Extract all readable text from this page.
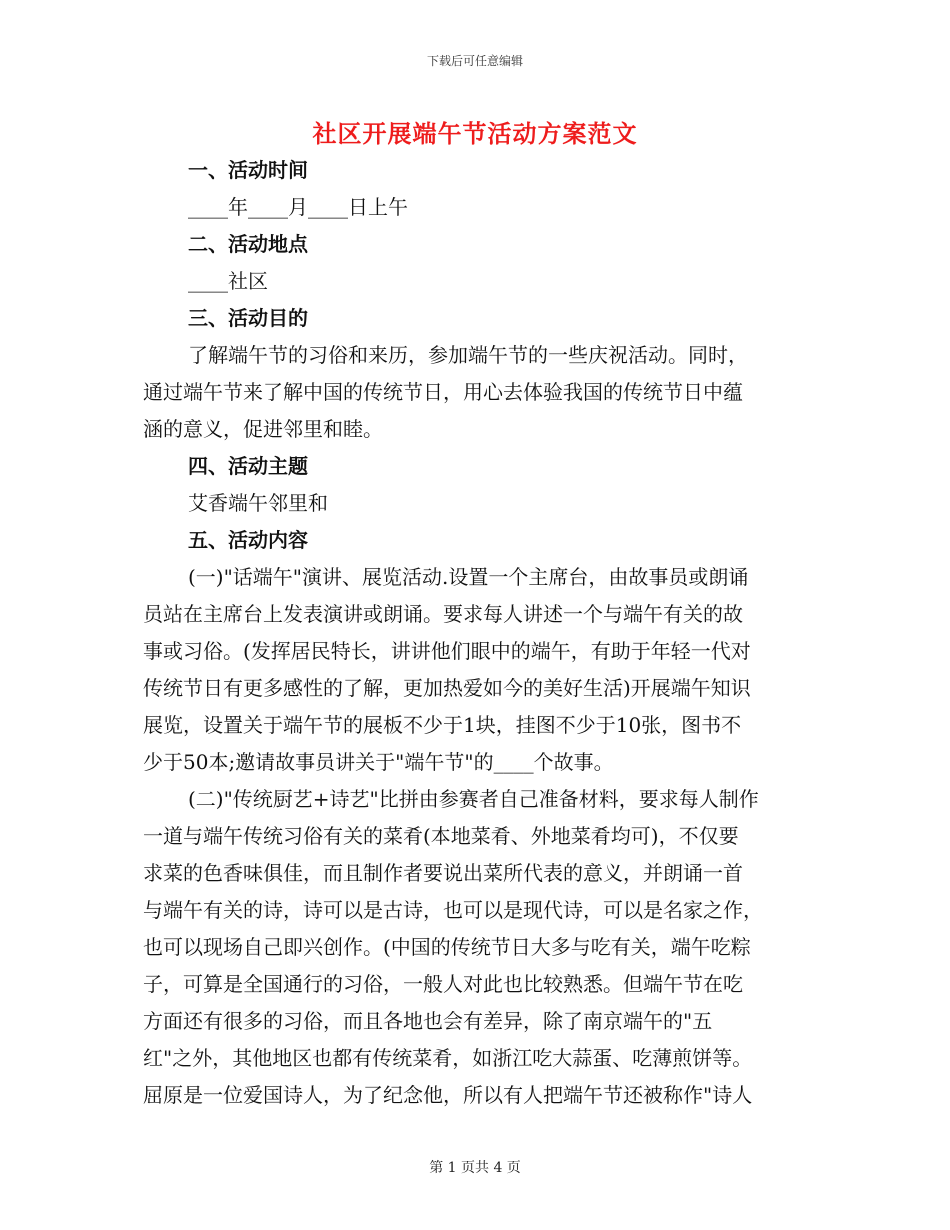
下载后可任意编辑
社区开展端午节活动方案范文
一、活动时间
____年____月____日上午
二、活动地点
____社区
三、活动目的
了解端午节的习俗和来历，参加端午节的一些庆祝活动。同时，
通过端午节来了解中国的传统节日，用心去体验我国的传统节日中蕴
涵的意义，促进邻里和睦。
四、活动主题
艾香端午邻里和
五、活动内容
(一)"话端午"演讲、展览活动.设置一个主席台，由故事员或朗诵
员站在主席台上发表演讲或朗诵。要求每人讲述一个与端午有关的故
事或习俗。(发挥居民特长，讲讲他们眼中的端午，有助于年轻一代对
传统节日有更多感性的了解，更加热爱如今的美好生活)开展端午知识
展览，设置关于端午节的展板不少于1块，挂图不少于10张，图书不
少于50本;邀请故事员讲关于"端午节"的____个故事。
(二)"传统厨艺+诗艺"比拼由参赛者自己准备材料，要求每人制作
一道与端午传统习俗有关的菜肴(本地菜肴、外地菜肴均可)，不仅要
求菜的色香味俱佳，而且制作者要说出菜所代表的意义，并朗诵一首
与端午有关的诗，诗可以是古诗，也可以是现代诗，可以是名家之作，
也可以现场自己即兴创作。(中国的传统节日大多与吃有关，端午吃粽
子，可算是全国通行的习俗，一般人对此也比较熟悉。但端午节在吃
方面还有很多的习俗，而且各地也会有差异，除了南京端午的"五
红"之外，其他地区也都有传统菜肴，如浙江吃大蒜蛋、吃薄煎饼等。
屈原是一位爱国诗人，为了纪念他，所以有人把端午节还被称作"诗人
第 1 页共 4 页
